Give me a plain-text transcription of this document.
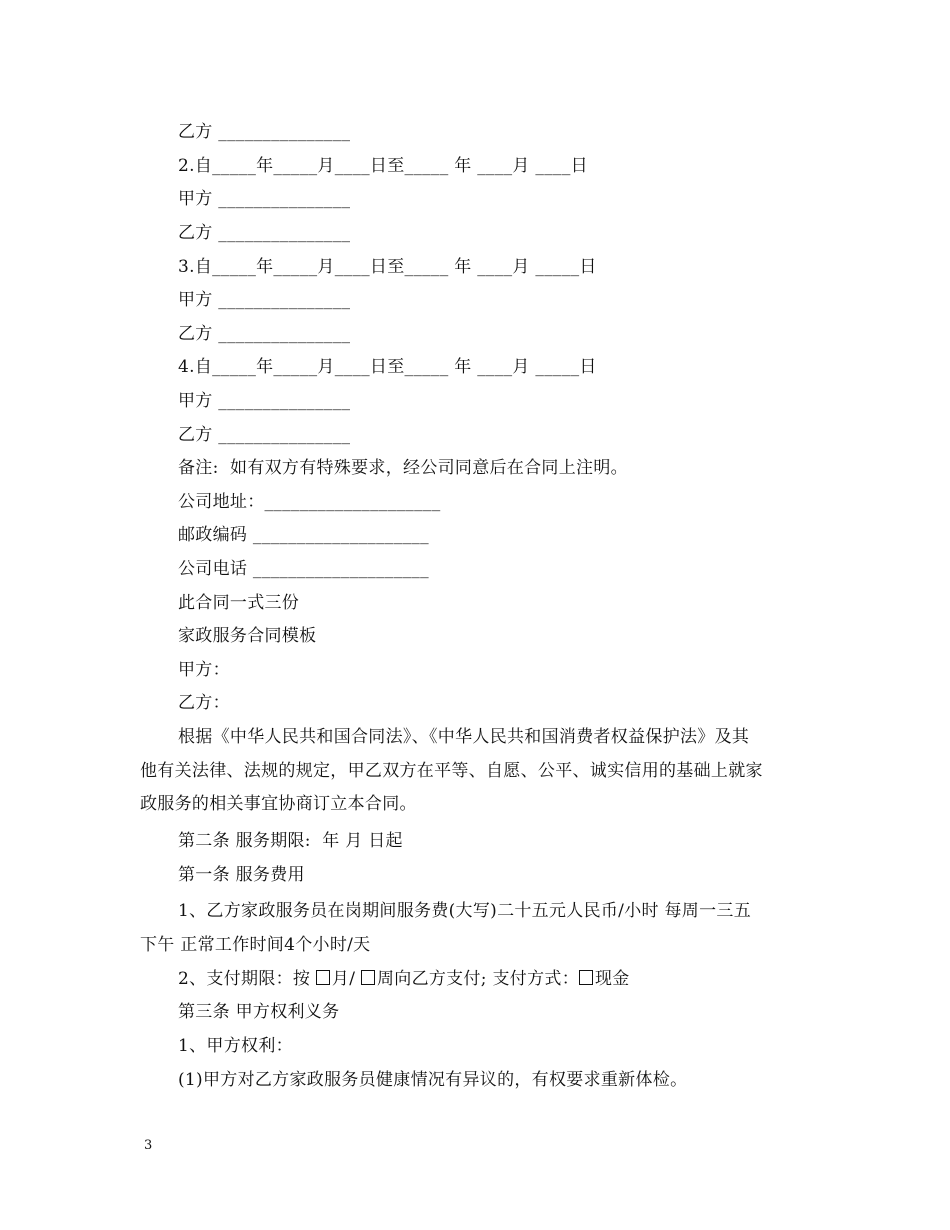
乙方 _______________
2.自_____年_____月____日至_____ 年 ____月 ____日
甲方 _______________
乙方 _______________
3.自_____年_____月____日至_____ 年 ____月 _____日
甲方 _______________
乙方 _______________
4.自_____年_____月____日至_____ 年 ____月 _____日
甲方 _______________
乙方 _______________
备注:  如有双方有特殊要求，经公司同意后在合同上注明。
公司地址：____________________
邮政编码 ____________________
公司电话 ____________________
此合同一式三份
家政服务合同模板
甲方：
乙方：
根据《中华人民共和国合同法》、《中华人民共和国消费者权益保护法》及其
他有关法律、法规的规定，甲乙双方在平等、自愿、公平、诚实信用的基础上就家
政服务的相关事宜协商订立本合同。
第二条 服务期限:  年 月 日起
第一条 服务费用
1、乙方家政服务员在岗期间服务费(大写)二十五元人民币/小时 每周一三五
下午 正常工作时间4个小时/天
2、支付期限：按 月/ 周向乙方支付; 支付方式： 现金
第三条 甲方权利义务
1、甲方权利：
(1)甲方对乙方家政服务员健康情况有异议的，有权要求重新体检。
3
